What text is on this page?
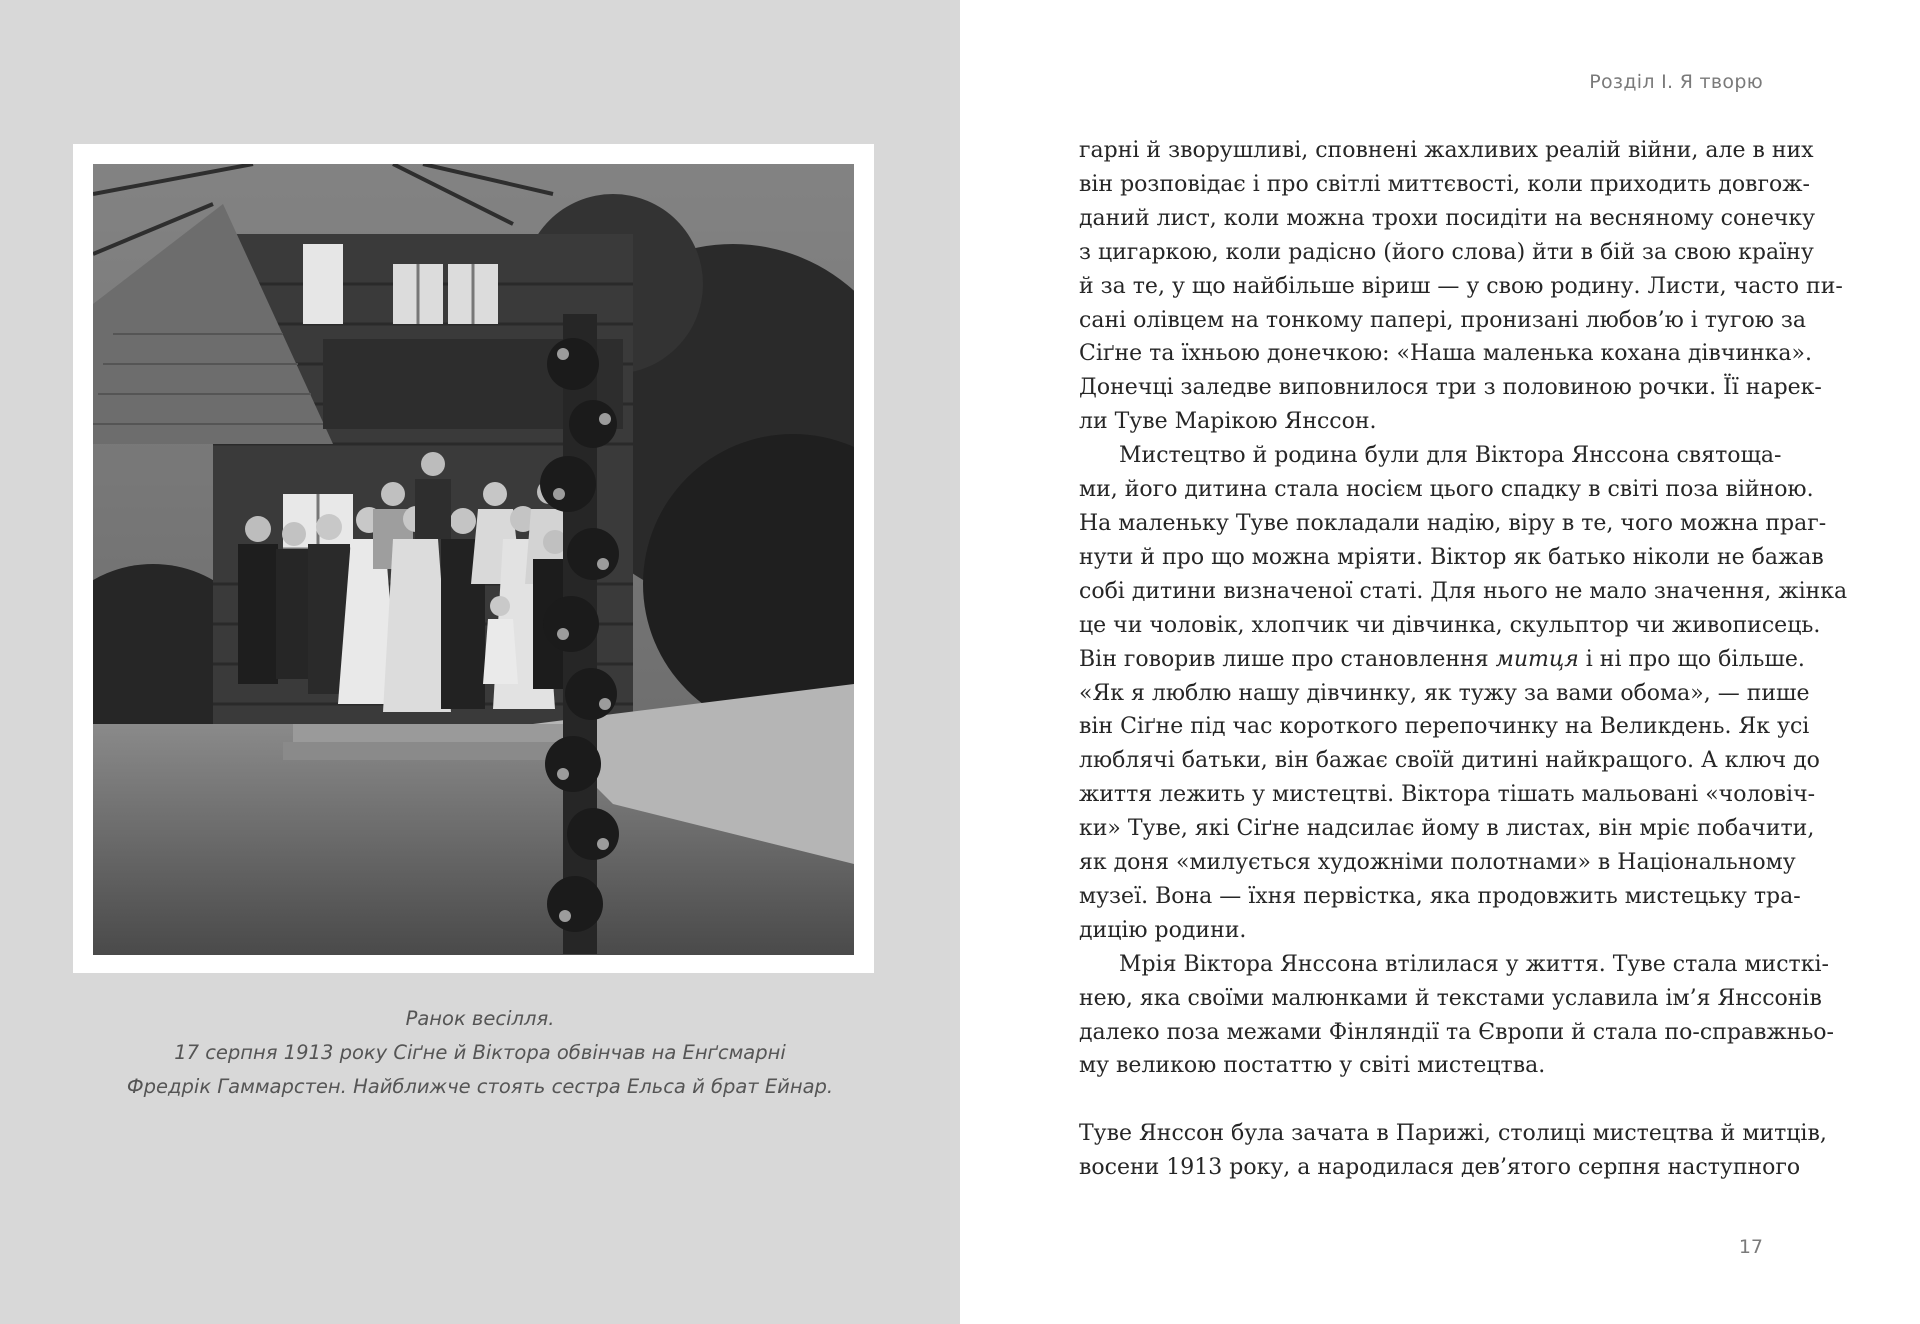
Ранок весілля.
17 серпня 1913 року Сіґне й Віктора обвінчав на Енґсмарні
Фредрік Гаммарстен. Найближче стоять сестра Ельса й брат Ейнар.
Розділ І. Я творю
гарні й зворушливі, сповнені жахливих реалій війни, але в них
він розповідає і про світлі миттєвості, коли приходить довгож-
даний лист, коли можна трохи посидіти на весняному сонечку
з цигаркою, коли радісно (його слова) йти в бій за свою країну
й за те, у що найбільше віриш — у свою родину. Листи, часто пи-
сані олівцем на тонкому папері, пронизані любов’ю і тугою за
Сіґне та їхньою донечкою: «Наша маленька кохана дівчинка».
Донечці заледве виповнилося три з половиною рочки. Її нарек-
ли Туве Марікою Янссон.
Мистецтво й родина були для Віктора Янссона святоща-
ми, його дитина стала носієм цього спадку в світі поза війною.
На маленьку Туве покладали надію, віру в те, чого можна праг-
нути й про що можна мріяти. Віктор як батько ніколи не бажав
собі дитини визначеної статі. Для нього не мало значення, жінка
це чи чоловік, хлопчик чи дівчинка, скульптор чи живописець.
Він говорив лише про становлення митця і ні про що більше.
«Як я люблю нашу дівчинку, як тужу за вами обома», — пише
він Сіґне під час короткого перепочинку на Великдень. Як усі
люблячі батьки, він бажає своїй дитині найкращого. А ключ до
життя лежить у мистецтві. Віктора тішать мальовані «чоловіч-
ки» Туве, які Сіґне надсилає йому в листах, він мріє побачити,
як доня «милується художніми полотнами» в Національному
музеї. Вона — їхня первістка, яка продовжить мистецьку тра-
дицію родини.
Мрія Віктора Янссона втілилася у життя. Туве стала мисткі-
нею, яка своїми малюнками й текстами уславила ім’я Янссонів
далеко поза межами Фінляндії та Європи й стала по-справжньо-
му великою постаттю у світі мистецтва.
Туве Янссон була зачата в Парижі, столиці мистецтва й митців,
восени 1913 року, а народилася дев’ятого серпня наступного
17
